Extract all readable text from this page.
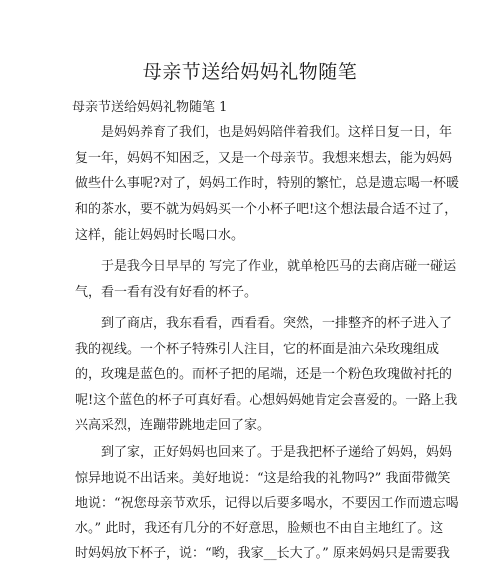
母亲节送给妈妈礼物随笔
母亲节送给妈妈礼物随笔 1
是妈妈养育了我们，也是妈妈陪伴着我们。这样日复一日，年
复一年，妈妈不知困乏，又是一个母亲节。我想来想去，能为妈妈
做些什么事呢?对了，妈妈工作时，特别的繁忙，总是遗忘喝一杯暖
和的茶水，要不就为妈妈买一个小杯子吧!这个想法最合适不过了，
这样，能让妈妈时长喝口水。
于是我今日早早的 写完了作业，就单枪匹马的去商店碰一碰运
气，看一看有没有好看的杯子。
到了商店，我东看看，西看看。突然，一排整齐的杯子进入了
我的视线。一个杯子特殊引人注目，它的杯面是油六朵玫瑰组成
的，玫瑰是蓝色的。而杯子把的尾端，还是一个粉色玫瑰做衬托的
呢!这个蓝色的杯子可真好看。心想妈妈她肯定会喜爱的。一路上我
兴高采烈，连蹦带跳地走回了家。
到了家，正好妈妈也回来了。于是我把杯子递给了妈妈，妈妈
惊异地说不出话来。美好地说：“这是给我的礼物吗?” 我面带微笑
地说：“祝您母亲节欢乐，记得以后要多喝水，不要因工作而遗忘喝
水。” 此时，我还有几分的不好意思，脸颊也不由自主地红了。这
时妈妈放下杯子，说：“哟，我家__长大了。” 原来妈妈只是需要我
